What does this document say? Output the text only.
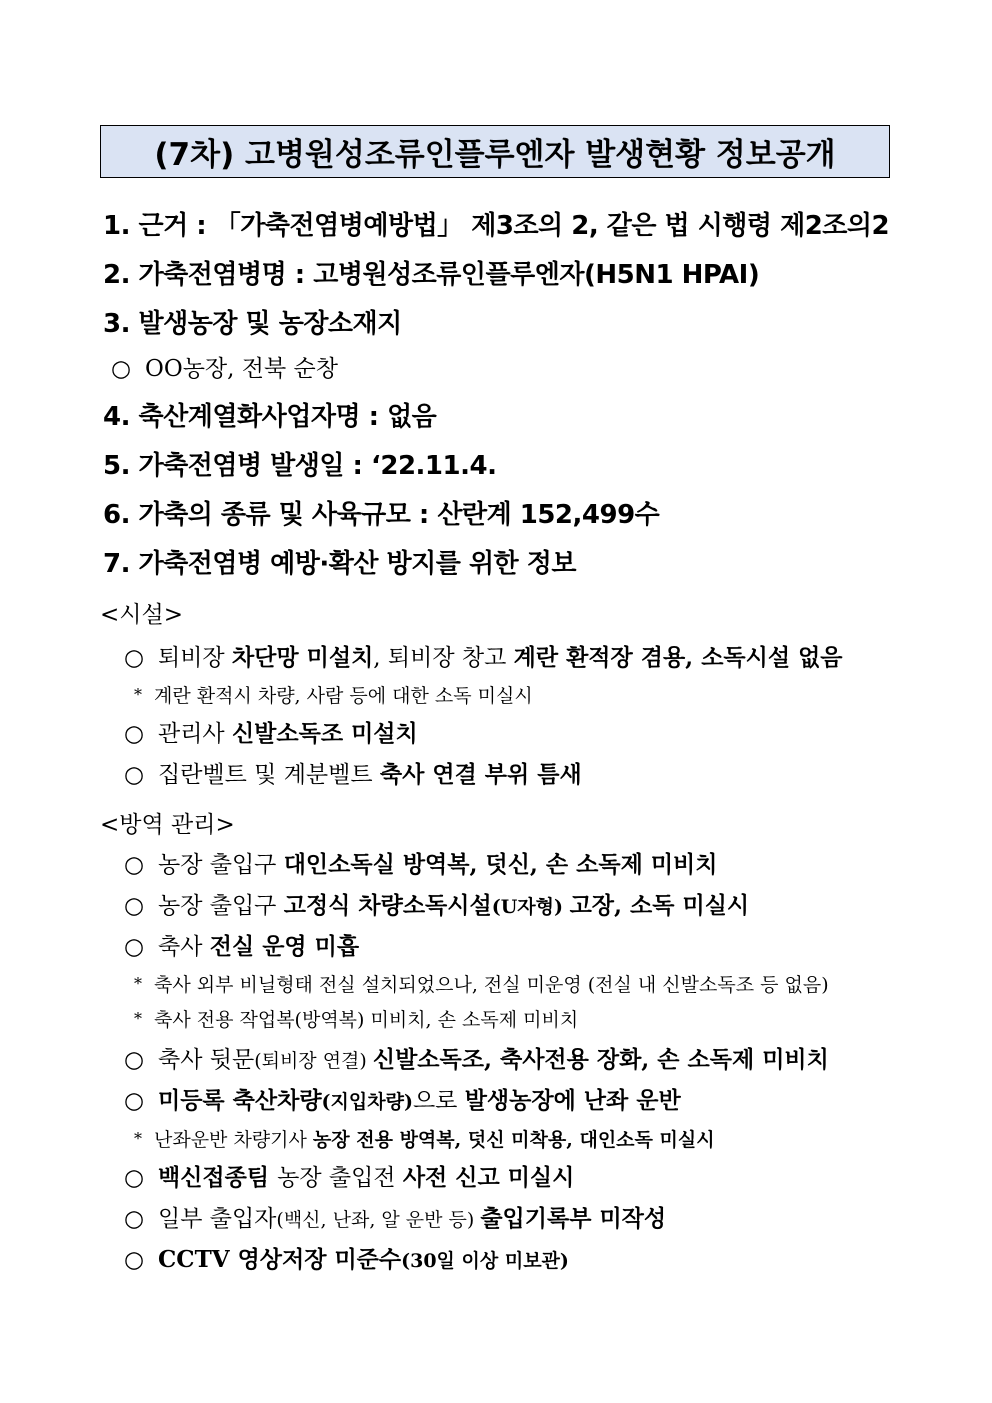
(7차) 고병원성조류인플루엔자 발생현황 정보공개
1. 근거 : 「가축전염병예방법」 제3조의 2, 같은 법 시행령 제2조의2
2. 가축전염병명 : 고병원성조류인플루엔자(H5N1 HPAI)
3. 발생농장 및 농장소재지
○ OO농장, 전북 순창
4. 축산계열화사업자명 : 없음
5. 가축전염병 발생일 : ‘22.11.4.
6. 가축의 종류 및 사육규모 : 산란계 152,499수
7. 가축전염병 예방·확산 방지를 위한 정보
<시설>
○ 퇴비장 차단망 미설치, 퇴비장 창고 계란 환적장 겸용, 소독시설 없음
* 계란 환적시 차량, 사람 등에 대한 소독 미실시
○ 관리사 신발소독조 미설치
○ 집란벨트 및 계분벨트 축사 연결 부위 틈새
<방역 관리>
○ 농장 출입구 대인소독실 방역복, 덧신, 손 소독제 미비치
○ 농장 출입구 고정식 차량소독시설(U자형) 고장, 소독 미실시
○ 축사 전실 운영 미흡
* 축사 외부 비닐형태 전실 설치되었으나, 전실 미운영 (전실 내 신발소독조 등 없음)
* 축사 전용 작업복(방역복) 미비치, 손 소독제 미비치
○ 축사 뒷문(퇴비장 연결) 신발소독조, 축사전용 장화, 손 소독제 미비치
○ 미등록 축산차량(지입차량)으로 발생농장에 난좌 운반
* 난좌운반 차량기사 농장 전용 방역복, 덧신 미착용, 대인소독 미실시
○ 백신접종팀 농장 출입전 사전 신고 미실시
○ 일부 출입자(백신, 난좌, 알 운반 등) 출입기록부 미작성
○ CCTV 영상저장 미준수(30일 이상 미보관)
